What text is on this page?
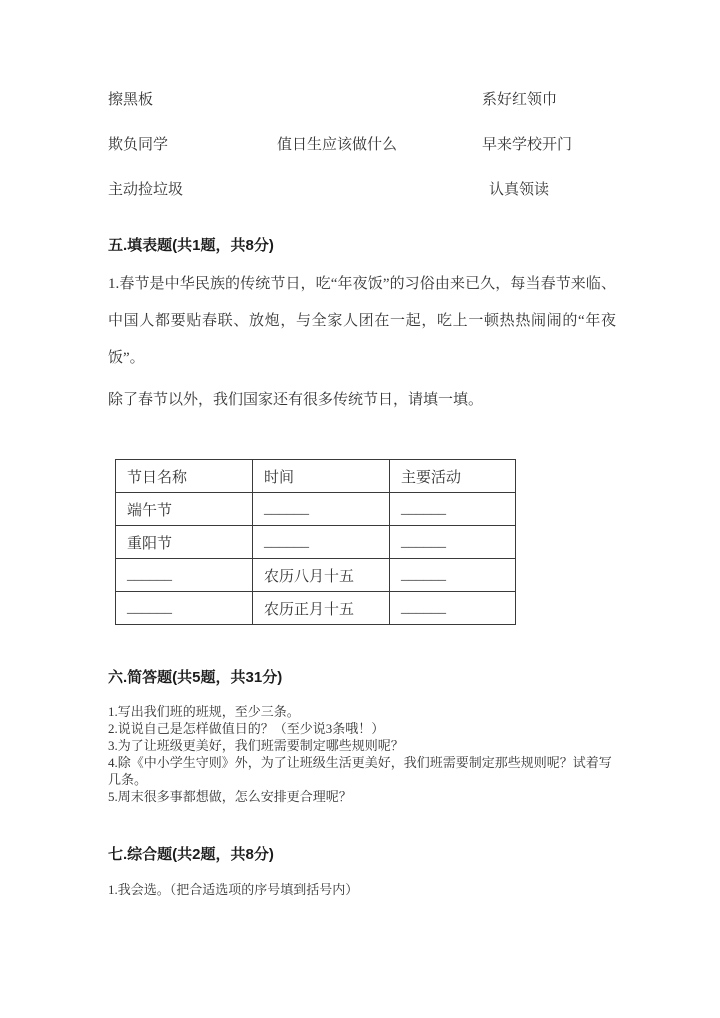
擦黑板	系好红领巾
欺负同学	值日生应该做什么	早来学校开门
主动捡垃圾	认真领读
五.填表题(共1题，共8分)
1.春节是中华民族的传统节日，吃“年夜饭”的习俗由来已久，每当春节来临、中国人都要贴春联、放炮，与全家人团在一起，吃上一顿热热闹闹的“年夜饭”。
除了春节以外，我们国家还有很多传统节日，请填一填。
节日名称	时间	主要活动
端午节	______	______
重阳节	______	______
______	农历八月十五	______
______	农历正月十五	______
六.简答题(共5题，共31分)
1.写出我们班的班规，至少三条。
2.说说自己是怎样做值日的？（至少说3条哦！）
3.为了让班级更美好，我们班需要制定哪些规则呢？
4.除《中小学生守则》外，为了让班级生活更美好，我们班需要制定那些规则呢？试着写几条。
5.周末很多事都想做，怎么安排更合理呢？
七.综合题(共2题，共8分)
1.我会选。（把合适选项的序号填到括号内）
